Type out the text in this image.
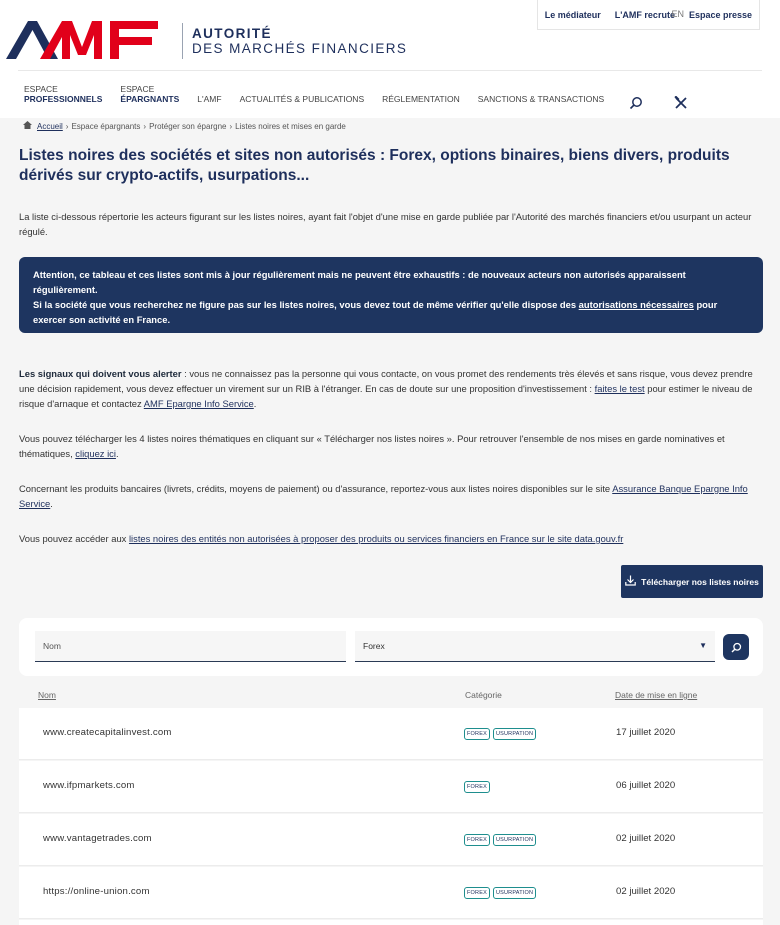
AUTORITÉ
DES MARCHÉS FINANCIERS
Le médiateur	L'AMF recrute	Espace presse
EN
ESPACE
PROFESSIONNELS
ESPACE
ÉPARGNANTS L'AMF ACTUALITÉS & PUBLICATIONS RÉGLEMENTATION SANCTIONS & TRANSACTIONS
Accueil › Espace épargnants › Protéger son épargne › Listes noires et mises en garde
Listes noires des sociétés et sites non autorisés : Forex, options binaires, biens divers, produits dérivés sur crypto-actifs, usurpations...

La liste ci-dessous répertorie les acteurs figurant sur les listes noires, ayant fait l'objet d'une mise en garde publiée par l'Autorité des marchés financiers et/ou usurpant un acteur régulé.

Attention, ce tableau et ces listes sont mis à jour régulièrement mais ne peuvent être exhaustifs : de nouveaux acteurs non autorisés apparaissent régulièrement.
Si la société que vous recherchez ne figure pas sur les listes noires, vous devez tout de même vérifier qu'elle dispose des autorisations nécessaires pour exercer son activité en France.

Les signaux qui doivent vous alerter : vous ne connaissez pas la personne qui vous contacte, on vous promet des rendements très élevés et sans risque, vous devez prendre une décision rapidement, vous devez effectuer un virement sur un RIB à l'étranger. En cas de doute sur une proposition d'investissement : faites le test pour estimer le niveau de risque d'arnaque et contactez AMF Epargne Info Service.

Vous pouvez télécharger les 4 listes noires thématiques en cliquant sur « Télécharger nos listes noires ». Pour retrouver l'ensemble de nos mises en garde nominatives et thématiques, cliquez ici.

Concernant les produits bancaires (livrets, crédits, moyens de paiement) ou d'assurance, reportez-vous aux listes noires disponibles sur le site Assurance Banque Epargne Info Service.

Vous pouvez accéder aux listes noires des entités non autorisées à proposer des produits ou services financiers en France sur le site data.gouv.fr

Télécharger nos listes noires
Nom	Forex	▼
Nom	Catégorie	Date de mise en ligne
www.createcapitalinvest.com	FOREX	USURPATION	17 juillet 2020
www.ifpmarkets.com	FOREX	06 juillet 2020
www.vantagetrades.com	FOREX	USURPATION	02 juillet 2020
https://online-union.com	FOREX	USURPATION	02 juillet 2020
